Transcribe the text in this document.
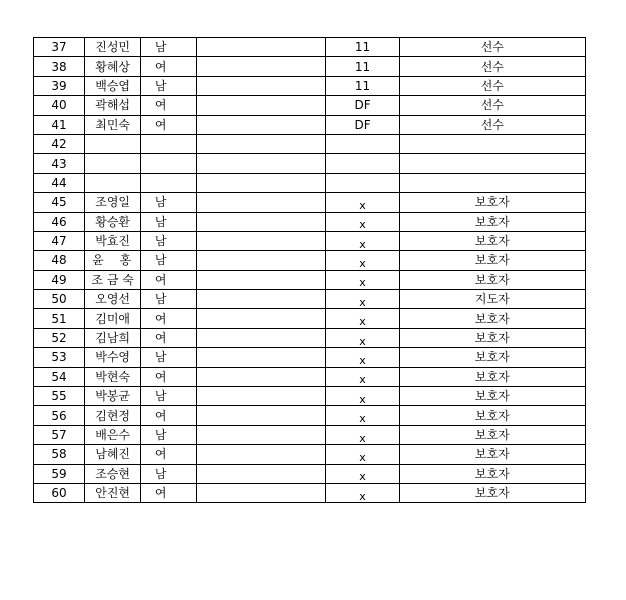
37	진성민	남		11	선수
38	황혜상	여		11	선수
39	백승엽	남		11	선수
40	곽해섭	여		DF	선수
41	최민숙	여		DF	선수
42					
43					
44					
45	조영일	남		x	보호자
46	황승환	남		x	보호자
47	박효진	남		x	보호자
48	윤 홍	남		x	보호자
49	조 금 숙	여		x	보호자
50	오영선	남		x	지도자
51	김미애	여		x	보호자
52	김남희	여		x	보호자
53	박수영	남		x	보호자
54	박현숙	여		x	보호자
55	박봉균	남		x	보호자
56	김현정	여		x	보호자
57	배은수	남		x	보호자
58	남혜진	여		x	보호자
59	조승현	남		x	보호자
60	안진현	여		x	보호자
